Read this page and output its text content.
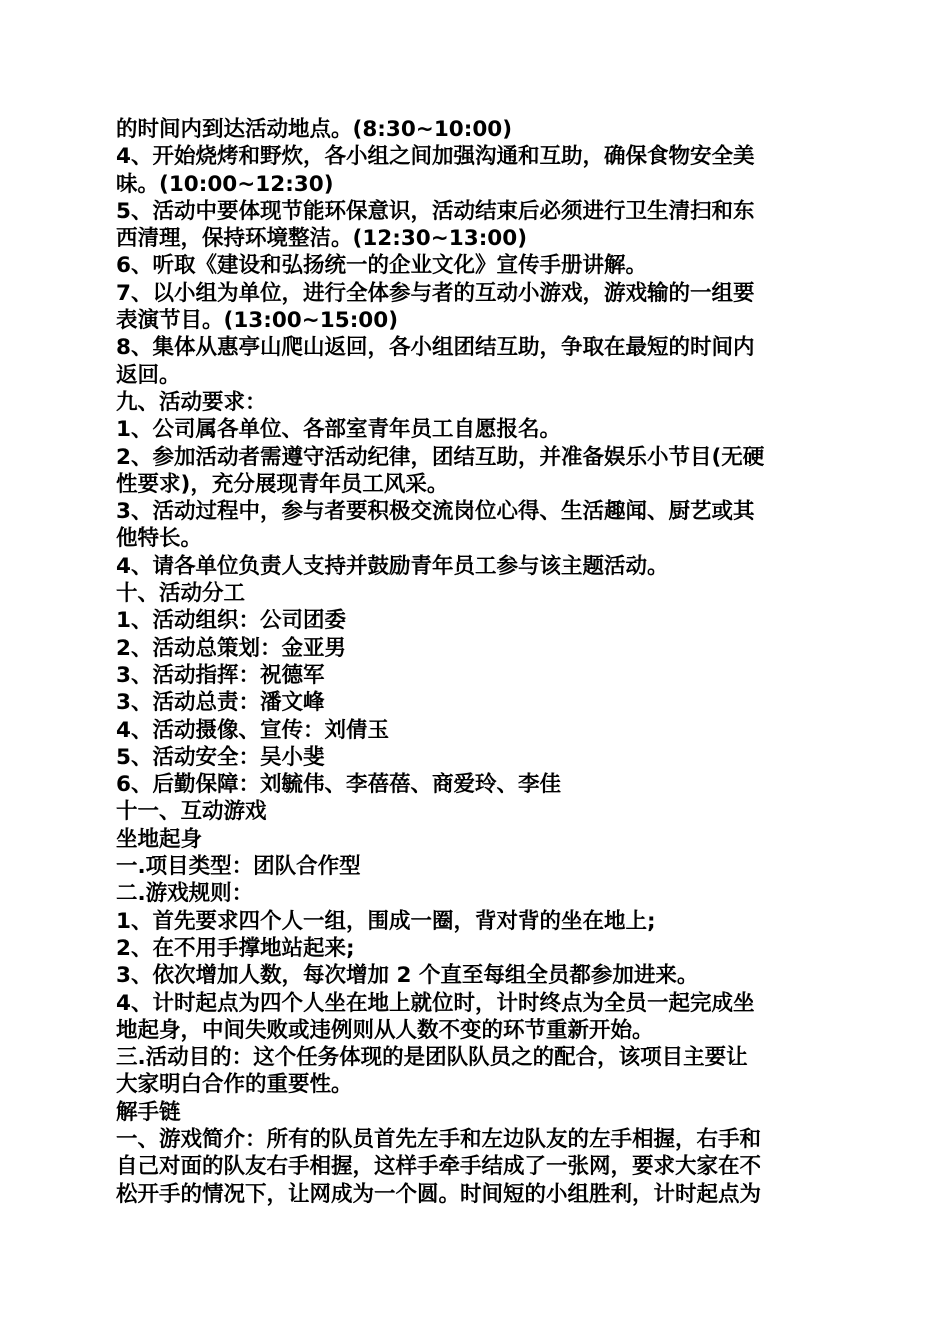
的时间内到达活动地点。(8:30~10:00)
4、开始烧烤和野炊，各小组之间加强沟通和互助，确保食物安全美
味。(10:00~12:30)
5、活动中要体现节能环保意识，活动结束后必须进行卫生清扫和东
西清理，保持环境整洁。(12:30~13:00)
6、听取《建设和弘扬统一的企业文化》宣传手册讲解。
7、以小组为单位，进行全体参与者的互动小游戏，游戏输的一组要
表演节目。(13:00~15:00)
8、集体从惠亭山爬山返回，各小组团结互助，争取在最短的时间内
返回。
九、活动要求：
1、公司属各单位、各部室青年员工自愿报名。
2、参加活动者需遵守活动纪律，团结互助，并准备娱乐小节目(无硬
性要求)，充分展现青年员工风采。
3、活动过程中，参与者要积极交流岗位心得、生活趣闻、厨艺或其
他特长。
4、请各单位负责人支持并鼓励青年员工参与该主题活动。
十、活动分工
1、活动组织：公司团委
2、活动总策划：金亚男
3、活动指挥：祝德军
3、活动总责：潘文峰
4、活动摄像、宣传：刘倩玉
5、活动安全：吴小斐
6、后勤保障：刘毓伟、李蓓蓓、商爱玲、李佳
十一、互动游戏
坐地起身
一.项目类型：团队合作型
二.游戏规则：
1、首先要求四个人一组，围成一圈，背对背的坐在地上;
2、在不用手撑地站起来;
3、依次增加人数，每次增加 2 个直至每组全员都参加进来。
4、计时起点为四个人坐在地上就位时，计时终点为全员一起完成坐
地起身，中间失败或违例则从人数不变的环节重新开始。
三.活动目的：这个任务体现的是团队队员之的配合，该项目主要让
大家明白合作的重要性。
解手链
一、游戏简介：所有的队员首先左手和左边队友的左手相握，右手和
自己对面的队友右手相握，这样手牵手结成了一张网，要求大家在不
松开手的情况下，让网成为一个圆。时间短的小组胜利，计时起点为
